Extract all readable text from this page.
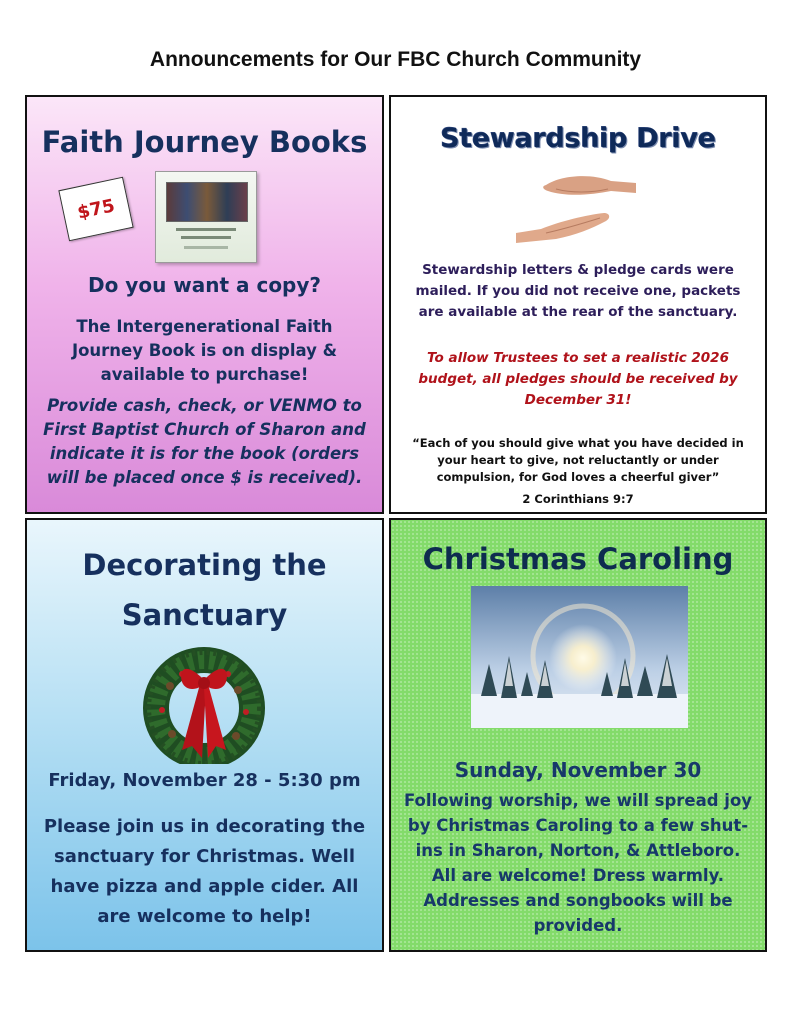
Announcements for Our FBC Church Community
Faith Journey Books
$75
Do you want a copy?
The Intergenerational Faith Journey Book is on display & available to purchase!
Provide cash, check, or VENMO to First Baptist Church of Sharon and indicate it is for the book (orders will be placed once $ is received).
Stewardship Drive
Stewardship letters & pledge cards were mailed. If you did not receive one, packets are available at the rear of the sanctuary.
To allow Trustees to set a realistic 2026 budget, all pledges should be received by December 31!
“Each of you should give what you have decided in your heart to give, not reluctantly or under compulsion, for God loves a cheerful giver”
2 Corinthians 9:7
Decorating the Sanctuary
Friday, November 28 - 5:30 pm
Please join us in decorating the sanctuary for Christmas. Well have pizza and apple cider. All are welcome to help!
Christmas Caroling
Sunday, November 30
Following worship, we will spread joy by Christmas Caroling to a few shut-ins in Sharon, Norton, & Attleboro. All are welcome! Dress warmly. Addresses and songbooks will be provided.
